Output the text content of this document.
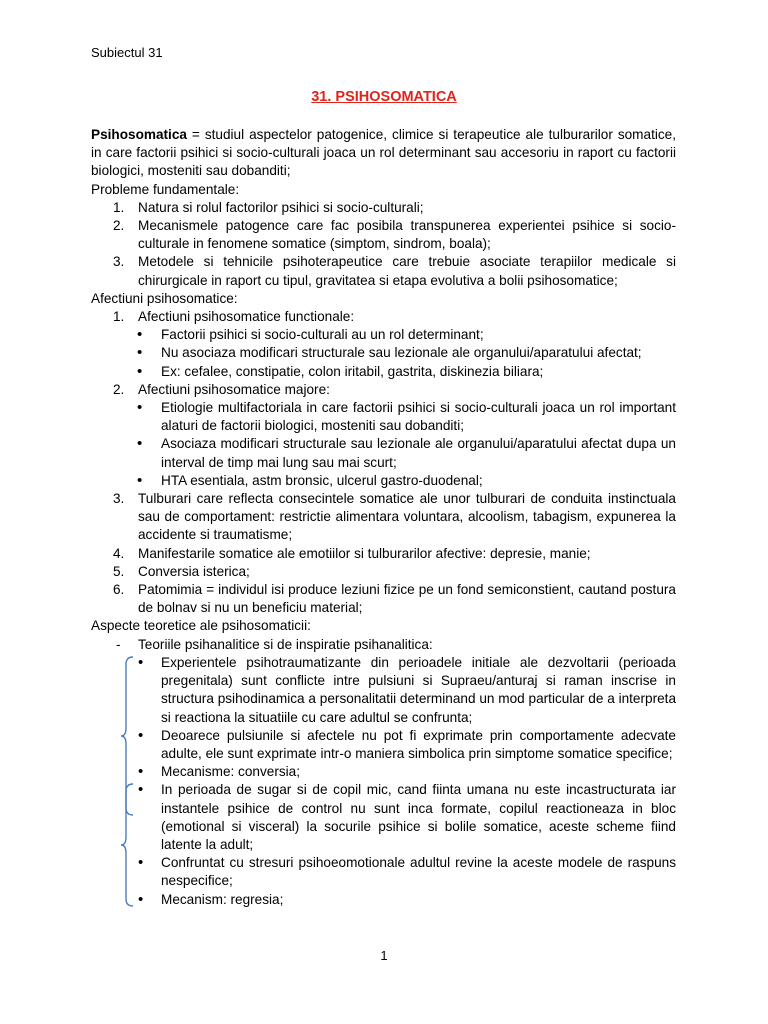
Subiectul 31
31. PSIHOSOMATICA

Psihosomatica = studiul aspectelor patogenice, climice si terapeutice ale tulburarilor somatice, in care factorii psihici si socio-culturali joaca un rol determinant sau accesoriu in raport cu factorii biologici, mosteniti sau dobanditi;

Probleme fundamentale:

1. Natura si rolul factorilor psihici si socio-culturali;

2. Mecanismele patogence care fac posibila transpunerea experientei psihice si socio-culturale in fenomene somatice (simptom, sindrom, boala);

3. Metodele si tehnicile psihoterapeutice care trebuie asociate terapiilor medicale si chirurgicale in raport cu tipul, gravitatea si etapa evolutiva a bolii psihosomatice;

Afectiuni psihosomatice:

1. Afectiuni psihosomatice functionale:

• Factorii psihici si socio-culturali au un rol determinant;

• Nu asociaza modificari structurale sau lezionale ale organului/aparatului afectat;

• Ex: cefalee, constipatie, colon iritabil, gastrita, diskinezia biliara;

2. Afectiuni psihosomatice majore:

• Etiologie multifactoriala in care factorii psihici si socio-culturali joaca un rol important alaturi de factorii biologici, mosteniti sau dobanditi;

• Asociaza modificari structurale sau lezionale ale organului/aparatului afectat dupa un interval de timp mai lung sau mai scurt;

• HTA esentiala, astm bronsic, ulcerul gastro-duodenal;

3. Tulburari care reflecta consecintele somatice ale unor tulburari de conduita instinctuala sau de comportament: restrictie alimentara voluntara, alcoolism, tabagism, expunerea la accidente si traumatisme;

4. Manifestarile somatice ale emotiilor si tulburarilor afective: depresie, manie;

5. Conversia isterica;

6. Patomimia = individul isi produce leziuni fizice pe un fond semiconstient, cautand postura de bolnav si nu un beneficiu material;

Aspecte teoretice ale psihosomaticii:

- Teoriile psihanalitice si de inspiratie psihanalitica:

• Experientele psihotraumatizante din perioadele initiale ale dezvoltarii (perioada pregenitala) sunt conflicte intre pulsiuni si Supraeu/anturaj si raman inscrise in structura psihodinamica a personalitatii determinand un mod particular de a interpreta si reactiona la situatiile cu care adultul se confrunta;

• Deoarece pulsiunile si afectele nu pot fi exprimate prin comportamente adecvate adulte, ele sunt exprimate intr-o maniera simbolica prin simptome somatice specifice;

• Mecanisme: conversia;

• In perioada de sugar si de copil mic, cand fiinta umana nu este incastructurata iar instantele psihice de control nu sunt inca formate, copilul reactioneaza in bloc (emotional si visceral) la socurile psihice si bolile somatice, aceste scheme fiind latente la adult;

• Confruntat cu stresuri psihoeomotionale adultul revine la aceste modele de raspuns nespecifice;

• Mecanism: regresia;

1
